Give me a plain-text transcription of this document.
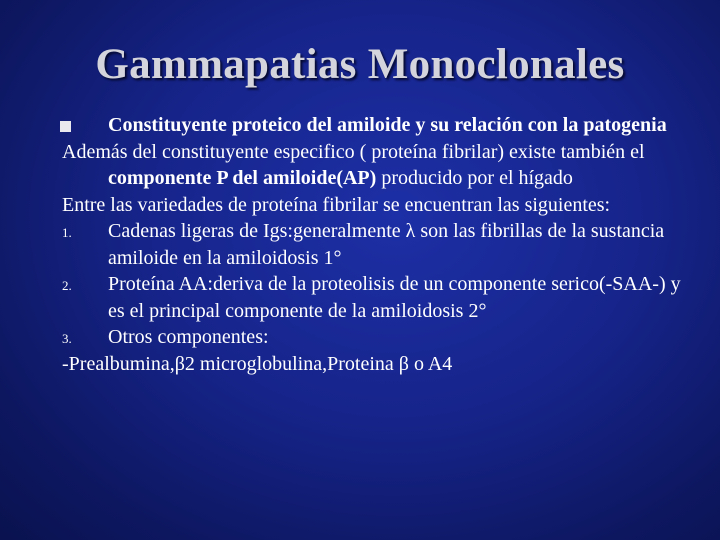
Gammapatias Monoclonales
Constituyente proteico del amiloide y su relación con la patogenia
Además del constituyente especifico ( proteína fibrilar) existe también el componente P del amiloide(AP) producido por el hígado
Entre las variedades de proteína fibrilar se encuentran las siguientes:
1. Cadenas ligeras de Igs:generalmente λ son las fibrillas de la sustancia amiloide en la amiloidosis 1°
2. Proteína AA:deriva de la proteolisis de un componente serico(-SAA-) y es el principal componente de la amiloidosis 2°
3. Otros componentes:
-Prealbumina,β2 microglobulina,Proteina β o A4
